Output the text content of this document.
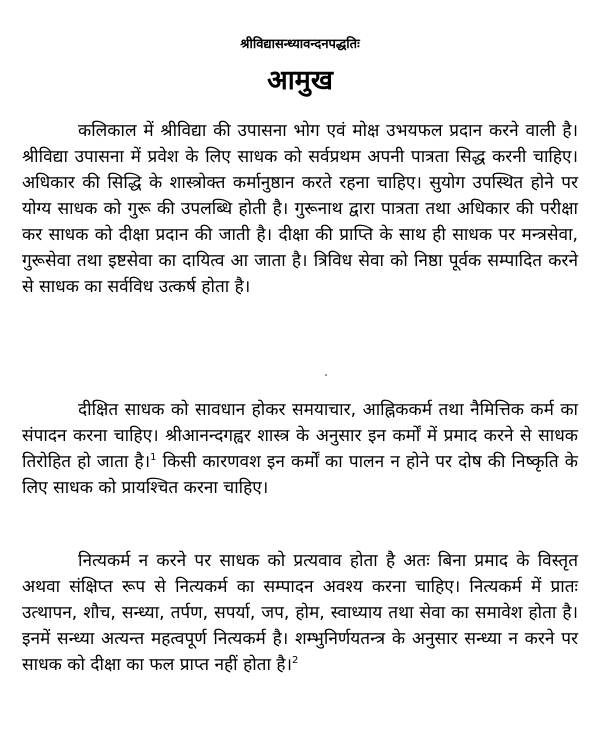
श्रीविद्यासन्ध्यावन्दनपद्धतिः
आमुख

कलिकाल में श्रीविद्या की उपासना भोग एवं मोक्ष उभयफल प्रदान करने वाली है। श्रीविद्या उपासना में प्रवेश के लिए साधक को सर्वप्रथम अपनी पात्रता सिद्ध करनी चाहिए। अधिकार की सिद्धि के शास्त्रोक्त कर्मानुष्ठान करते रहना चाहिए। सुयोग उपस्थित होने पर योग्य साधक को गुरू की उपलब्धि होती है। गुरूनाथ द्वारा पात्रता तथा अधिकार की परीक्षा कर साधक को दीक्षा प्रदान की जाती है। दीक्षा की प्राप्ति के साथ ही साधक पर मन्त्रसेवा, गुरूसेवा तथा इष्टसेवा का दायित्व आ जाता है। त्रिविध सेवा को निष्ठा पूर्वक सम्पादित करने से साधक का सर्वविध उत्कर्ष होता है।

दीक्षित साधक को सावधान होकर समयाचार, आह्निककर्म तथा नैमित्तिक कर्म का संपादन करना चाहिए। श्रीआनन्दगह्वर शास्त्र के अनुसार इन कर्मों में प्रमाद करने से साधक तिरोहित हो जाता है।$^1$ किसी कारणवश इन कर्मों का पालन न होने पर दोष की निष्कृति के लिए साधक को प्रायश्चित करना चाहिए।

नित्यकर्म न करने पर साधक को प्रत्यवाव होता है अतः बिना प्रमाद के विस्तृत अथवा संक्षिप्त रूप से नित्यकर्म का सम्पादन अवश्य करना चाहिए। नित्यकर्म में प्रातः उत्थापन, शौच, सन्ध्या, तर्पण, सपर्या, जप, होम, स्वाध्याय तथा सेवा का समावेश होता है। इनमें सन्ध्या अत्यन्त महत्वपूर्ण नित्यकर्म है। शम्भुनिर्णयतन्त्र के अनुसार सन्ध्या न करने पर साधक को दीक्षा का फल प्राप्त नहीं होता है।$^2$
